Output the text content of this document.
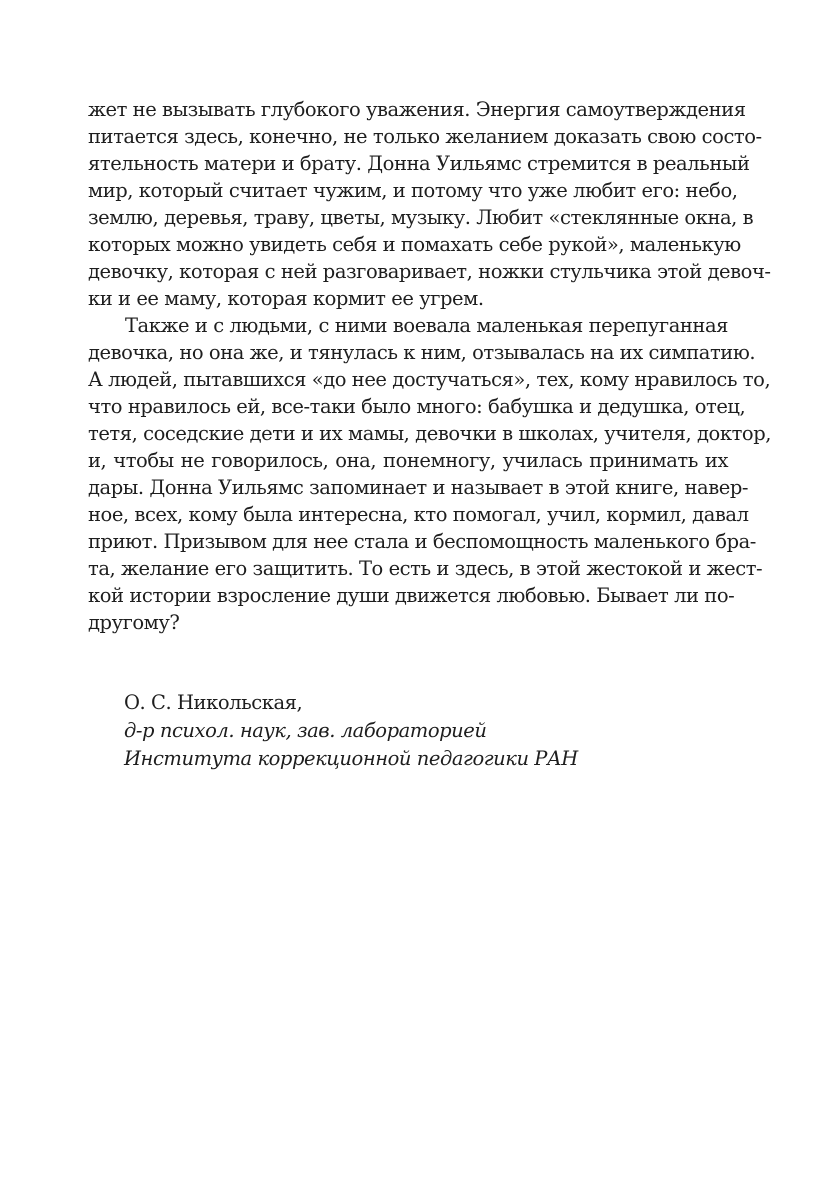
жет не вызывать глубокого уважения. Энергия самоутверждения
питается здесь, конечно, не только желанием доказать свою состо-
ятельность матери и брату. Донна Уильямс стремится в реальный
мир, который считает чужим, и потому что уже любит его: небо,
землю, деревья, траву, цветы, музыку. Любит «стеклянные окна, в
которых можно увидеть себя и помахать себе рукой», маленькую
девочку, которая с ней разговаривает, ножки стульчика этой девоч-
ки и ее маму, которая кормит ее угрем.
Также и с людьми, с ними воевала маленькая перепуганная
девочка, но она же, и тянулась к ним, отзывалась на их симпатию.
А людей, пытавшихся «до нее достучаться», тех, кому нравилось то,
что нравилось ей, все-таки было много: бабушка и дедушка, отец,
тетя, соседские дети и их мамы, девочки в школах, учителя, доктор,
и, чтобы не говорилось, она, понемногу, училась принимать их
дары. Донна Уильямс запоминает и называет в этой книге, навер-
ное, всех, кому была интересна, кто помогал, учил, кормил, давал
приют. Призывом для нее стала и беспомощность маленького бра-
та, желание его защитить. То есть и здесь, в этой жестокой и жест-
кой истории взросление души движется любовью. Бывает ли по-
другому?
О. С. Никольская,
д-р психол. наук, зав. лабораторией
Института коррекционной педагогики РАН
